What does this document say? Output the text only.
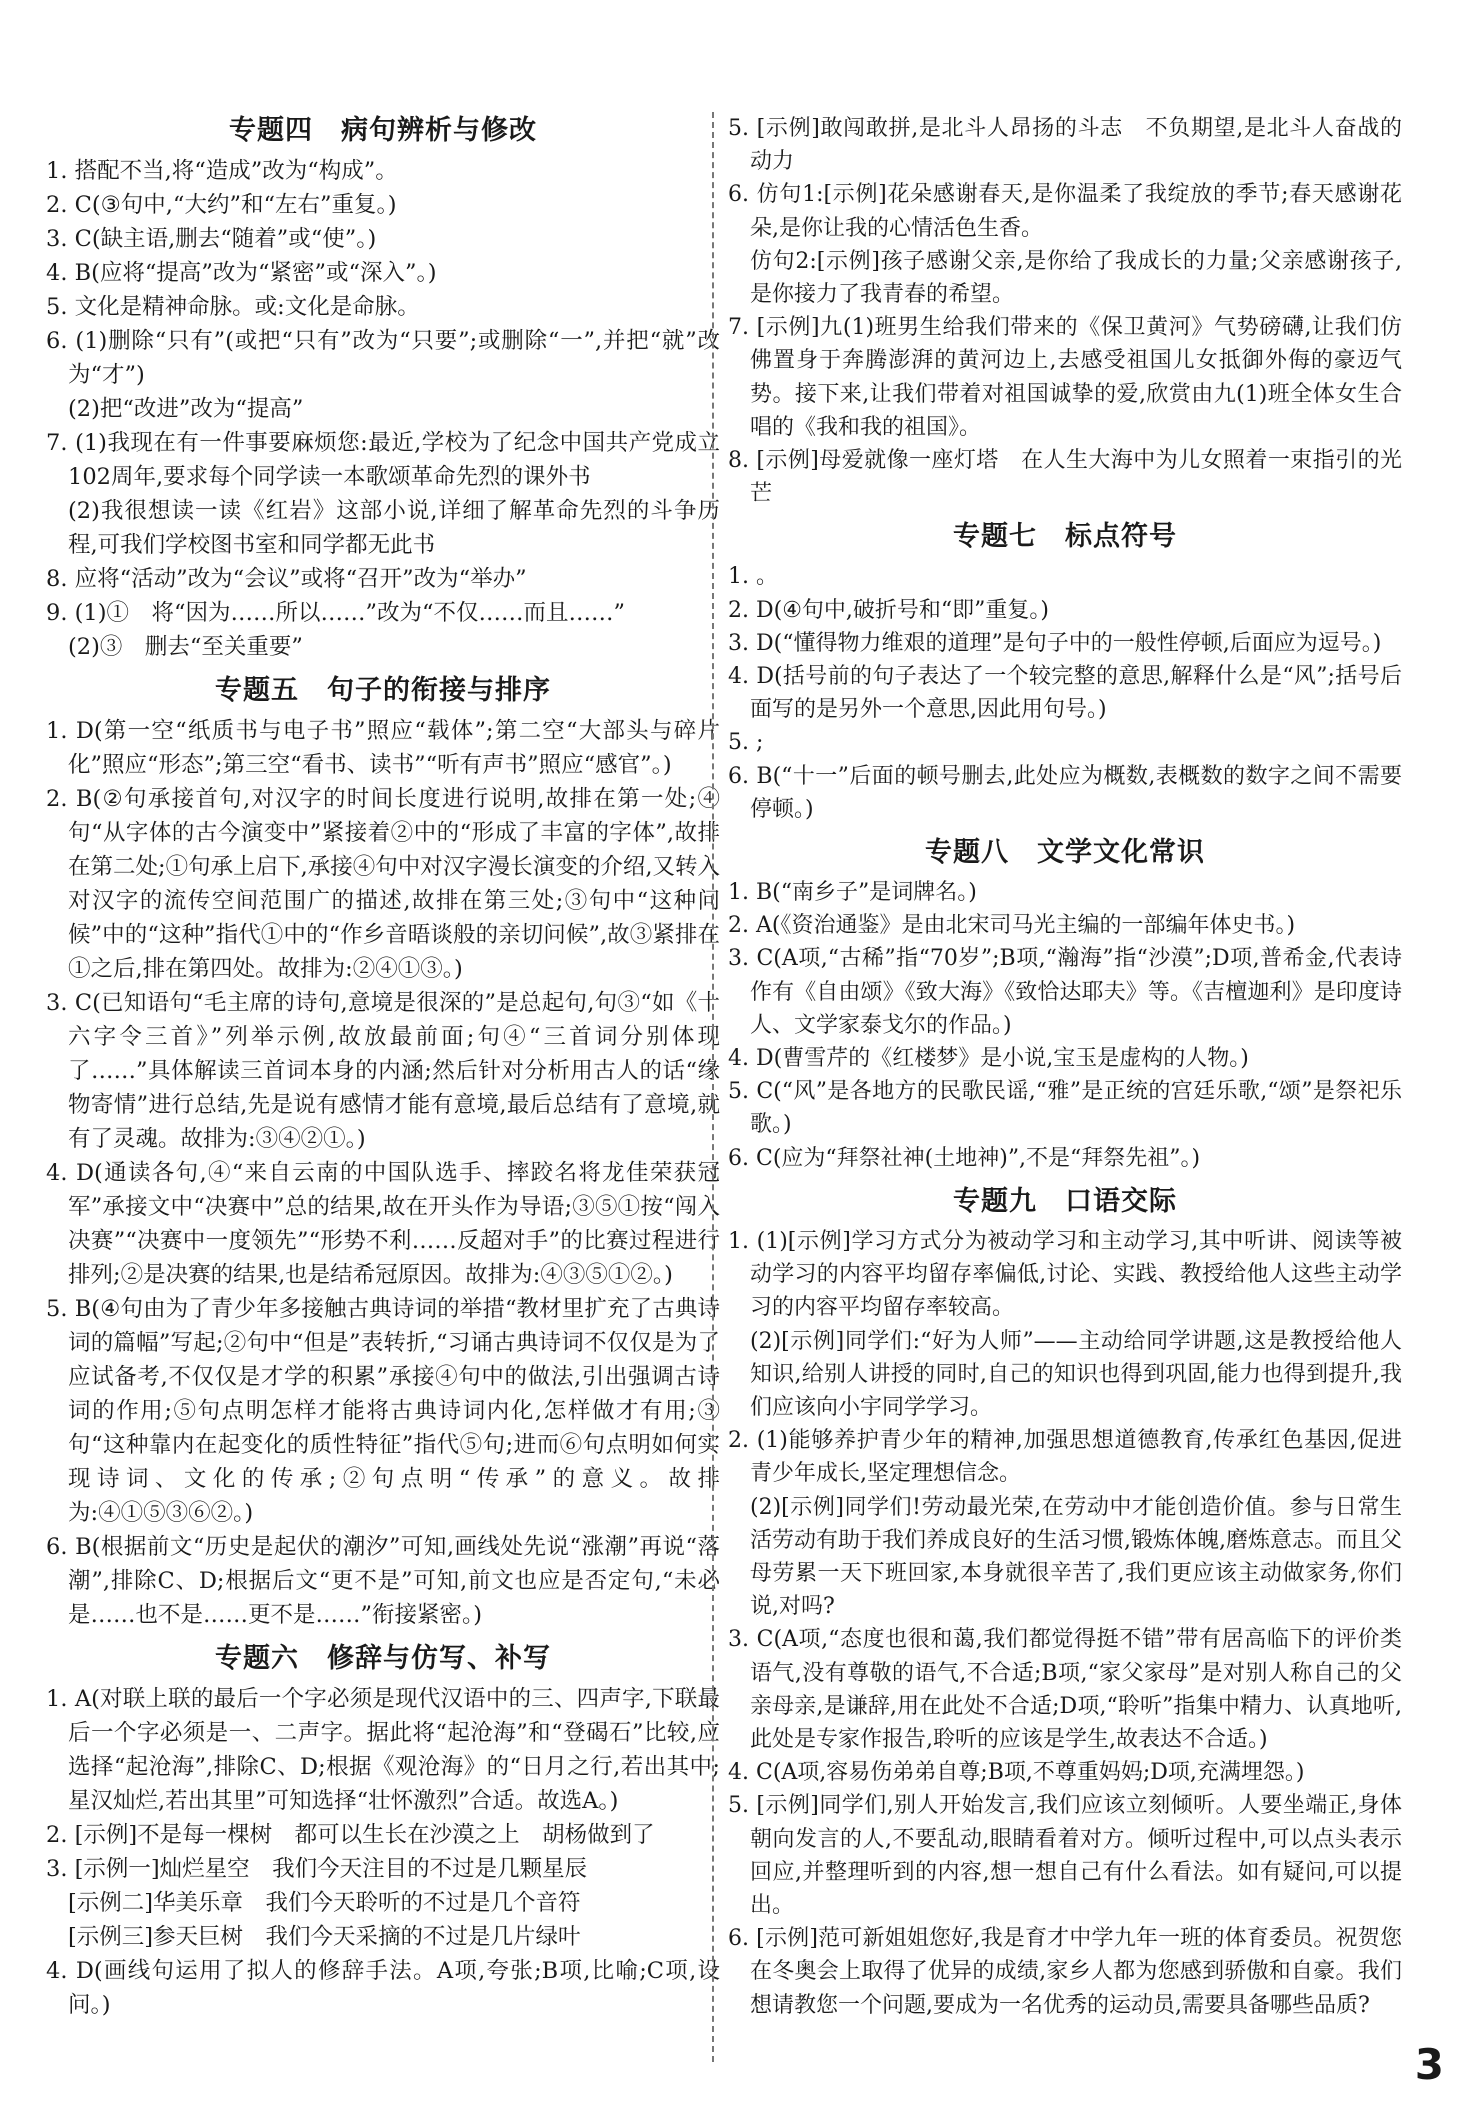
专题四　病句辨析与修改
1. 搭配不当,将“造成”改为“构成”。
2. C(③句中,“大约”和“左右”重复。)
3. C(缺主语,删去“随着”或“使”。)
4. B(应将“提高”改为“紧密”或“深入”。)
5. 文化是精神命脉。或:文化是命脉。
6. (1)删除“只有”(或把“只有”改为“只要”;或删除“一”,并把“就”改为“才”)
(2)把“改进”改为“提高”
7. (1)我现在有一件事要麻烦您:最近,学校为了纪念中国共产党成立102周年,要求每个同学读一本歌颂革命先烈的课外书
(2)我很想读一读《红岩》这部小说,详细了解革命先烈的斗争历程,可我们学校图书室和同学都无此书
8. 应将“活动”改为“会议”或将“召开”改为“举办”
9. (1)①　将“因为……所以……”改为“不仅……而且……”
(2)③　删去“至关重要”
专题五　句子的衔接与排序
1. D(第一空“纸质书与电子书”照应“载体”;第二空“大部头与碎片化”照应“形态”;第三空“看书、读书”“听有声书”照应“感官”。)
2. B(②句承接首句,对汉字的时间长度进行说明,故排在第一处;④句“从字体的古今演变中”紧接着②中的“形成了丰富的字体”,故排在第二处;①句承上启下,承接④句中对汉字漫长演变的介绍,又转入对汉字的流传空间范围广的描述,故排在第三处;③句中“这种问候”中的“这种”指代①中的“作乡音晤谈般的亲切问候”,故③紧排在①之后,排在第四处。故排为:②④①③。)
3. C(已知语句“毛主席的诗句,意境是很深的”是总起句,句③“如《十六字令三首》”列举示例,故放最前面;句④“三首词分别体现了……”具体解读三首词本身的内涵;然后针对分析用古人的话“缘物寄情”进行总结,先是说有感情才能有意境,最后总结有了意境,就有了灵魂。故排为:③④②①。)
4. D(通读各句,④“来自云南的中国队选手、摔跤名将龙佳荣获冠军”承接文中“决赛中”总的结果,故在开头作为导语;③⑤①按“闯入决赛”“决赛中一度领先”“形势不利……反超对手”的比赛过程进行排列;②是决赛的结果,也是结希冠原因。故排为:④③⑤①②。)
5. B(④句由为了青少年多接触古典诗词的举措“教材里扩充了古典诗词的篇幅”写起;②句中“但是”表转折,“习诵古典诗词不仅仅是为了应试备考,不仅仅是才学的积累”承接④句中的做法,引出强调古诗词的作用;⑤句点明怎样才能将古典诗词内化,怎样做才有用;③句“这种靠内在起变化的质性特征”指代⑤句;进而⑥句点明如何实现诗词、文化的传承;②句点明“传承”的意义。故排为:④①⑤③⑥②。)
6. B(根据前文“历史是起伏的潮汐”可知,画线处先说“涨潮”再说“落潮”,排除C、D;根据后文“更不是”可知,前文也应是否定句,“未必是……也不是……更不是……”衔接紧密。)
专题六　修辞与仿写、补写
1. A(对联上联的最后一个字必须是现代汉语中的三、四声字,下联最后一个字必须是一、二声字。据此将“起沧海”和“登碣石”比较,应选择“起沧海”,排除C、D;根据《观沧海》的“日月之行,若出其中;星汉灿烂,若出其里”可知选择“壮怀激烈”合适。故选A。)
2. [示例]不是每一棵树　都可以生长在沙漠之上　胡杨做到了
3. [示例一]灿烂星空　我们今天注目的不过是几颗星辰
[示例二]华美乐章　我们今天聆听的不过是几个音符
[示例三]参天巨树　我们今天采摘的不过是几片绿叶
4. D(画线句运用了拟人的修辞手法。A项,夸张;B项,比喻;C项,设问。)
5. [示例]敢闯敢拼,是北斗人昂扬的斗志　不负期望,是北斗人奋战的动力
6. 仿句1:[示例]花朵感谢春天,是你温柔了我绽放的季节;春天感谢花朵,是你让我的心情活色生香。
仿句2:[示例]孩子感谢父亲,是你给了我成长的力量;父亲感谢孩子,是你接力了我青春的希望。
7. [示例]九(1)班男生给我们带来的《保卫黄河》气势磅礴,让我们仿佛置身于奔腾澎湃的黄河边上,去感受祖国儿女抵御外侮的豪迈气势。接下来,让我们带着对祖国诚挚的爱,欣赏由九(1)班全体女生合唱的《我和我的祖国》。
8. [示例]母爱就像一座灯塔　在人生大海中为儿女照着一束指引的光芒
专题七　标点符号
1. 。
2. D(④句中,破折号和“即”重复。)
3. D(“懂得物力维艰的道理”是句子中的一般性停顿,后面应为逗号。)
4. D(括号前的句子表达了一个较完整的意思,解释什么是“风”;括号后面写的是另外一个意思,因此用句号。)
5. ;
6. B(“十一”后面的顿号删去,此处应为概数,表概数的数字之间不需要停顿。)
专题八　文学文化常识
1. B(“南乡子”是词牌名。)
2. A(《资治通鉴》是由北宋司马光主编的一部编年体史书。)
3. C(A项,“古稀”指“70岁”;B项,“瀚海”指“沙漠”;D项,普希金,代表诗作有《自由颂》《致大海》《致恰达耶夫》等。《吉檀迦利》是印度诗人、文学家泰戈尔的作品。)
4. D(曹雪芹的《红楼梦》是小说,宝玉是虚构的人物。)
5. C(“风”是各地方的民歌民谣,“雅”是正统的宫廷乐歌,“颂”是祭祀乐歌。)
6. C(应为“拜祭社神(土地神)”,不是“拜祭先祖”。)
专题九　口语交际
1. (1)[示例]学习方式分为被动学习和主动学习,其中听讲、阅读等被动学习的内容平均留存率偏低,讨论、实践、教授给他人这些主动学习的内容平均留存率较高。
(2)[示例]同学们:“好为人师”——主动给同学讲题,这是教授给他人知识,给别人讲授的同时,自己的知识也得到巩固,能力也得到提升,我们应该向小宇同学学习。
2. (1)能够养护青少年的精神,加强思想道德教育,传承红色基因,促进青少年成长,坚定理想信念。
(2)[示例]同学们!劳动最光荣,在劳动中才能创造价值。参与日常生活劳动有助于我们养成良好的生活习惯,锻炼体魄,磨炼意志。而且父母劳累一天下班回家,本身就很辛苦了,我们更应该主动做家务,你们说,对吗?
3. C(A项,“态度也很和蔼,我们都觉得挺不错”带有居高临下的评价类语气,没有尊敬的语气,不合适;B项,“家父家母”是对别人称自己的父亲母亲,是谦辞,用在此处不合适;D项,“聆听”指集中精力、认真地听,此处是专家作报告,聆听的应该是学生,故表达不合适。)
4. C(A项,容易伤弟弟自尊;B项,不尊重妈妈;D项,充满埋怨。)
5. [示例]同学们,别人开始发言,我们应该立刻倾听。人要坐端正,身体朝向发言的人,不要乱动,眼睛看着对方。倾听过程中,可以点头表示回应,并整理听到的内容,想一想自己有什么看法。如有疑问,可以提出。
6. [示例]范可新姐姐您好,我是育才中学九年一班的体育委员。祝贺您在冬奥会上取得了优异的成绩,家乡人都为您感到骄傲和自豪。我们想请教您一个问题,要成为一名优秀的运动员,需要具备哪些品质?
3
